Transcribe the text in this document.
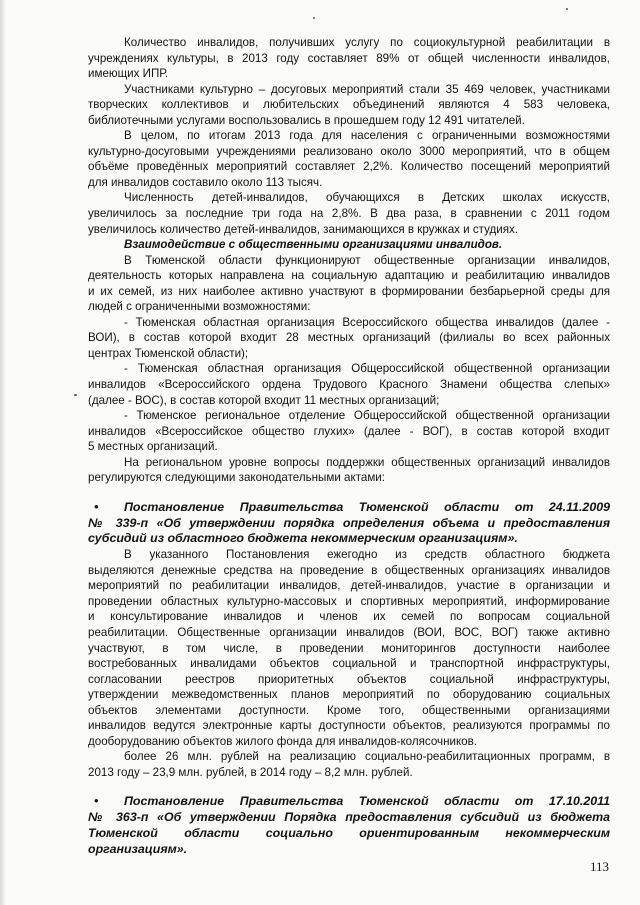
Количество инвалидов, получивших услугу по социокультурной реабилитации в
учреждениях культуры, в 2013 году составляет 89% от общей численности инвалидов,
имеющих ИПР.
Участниками культурно – досуговых мероприятий стали 35 469 человек, участниками
творческих коллективов и любительских объединений являются 4 583 человека,
библиотечными услугами воспользовались в прошедшем году 12 491 читателей.
В целом, по итогам 2013 года для населения с ограниченными возможностями
культурно-досуговыми учреждениями реализовано около 3000 мероприятий, что в общем
объёме проведённых мероприятий составляет 2,2%. Количество посещений мероприятий
для инвалидов составило около 113 тысяч.
Численность детей-инвалидов, обучающихся в Детских школах искусств,
увеличилось за последние три года на 2,8%. В два раза, в сравнении с 2011 годом
увеличилось количество детей-инвалидов, занимающихся в кружках и студиях.
Взаимодействие с общественными организациями инвалидов.
В Тюменской области функционируют общественные организации инвалидов,
деятельность которых направлена на социальную адаптацию и реабилитацию инвалидов
и их семей, из них наиболее активно участвуют в формировании безбарьерной среды для
людей с ограниченными возможностями:
- Тюменская областная организация Всероссийского общества инвалидов (далее -
ВОИ), в состав которой входит 28 местных организаций (филиалы во всех районных
центрах Тюменской области);
- Тюменская областная организация Общероссийской общественной организации
инвалидов «Всероссийского ордена Трудового Красного Знамени общества слепых»
(далее - ВОС), в состав которой входит 11 местных организаций;
- Тюменское региональное отделение Общероссийской общественной организации
инвалидов «Всероссийское общество глухих» (далее - ВОГ), в состав которой входит
5 местных организаций.
На региональном уровне вопросы поддержки общественных организаций инвалидов
регулируются следующими законодательными актами:
• Постановление Правительства Тюменской области от 24.11.2009
№ 339-п «Об утверждении порядка определения объема и предоставления
субсидий из областного бюджета некоммерческим организациям».
В указанного Постановления ежегодно из средств областного бюджета
выделяются денежные средства на проведение в общественных организациях инвалидов
мероприятий по реабилитации инвалидов, детей-инвалидов, участие в организации и
проведении областных культурно-массовых и спортивных мероприятий, информирование
и консультирование инвалидов и членов их семей по вопросам социальной
реабилитации. Общественные организации инвалидов (ВОИ, ВОС, ВОГ) также активно
участвуют, в том числе, в проведении мониторингов доступности наиболее
востребованных инвалидами объектов социальной и транспортной инфраструктуры,
согласовании реестров приоритетных объектов социальной инфраструктуры,
утверждении межведомственных планов мероприятий по оборудованию социальных
объектов элементами доступности. Кроме того, общественными организациями
инвалидов ведутся электронные карты доступности объектов, реализуются программы по
дооборудованию объектов жилого фонда для инвалидов-колясочников.
более 26 млн. рублей на реализацию социально-реабилитационных программ, в
2013 году – 23,9 млн. рублей, в 2014 году – 8,2 млн. рублей.
• Постановление Правительства Тюменской области от 17.10.2011
№ 363-п «Об утверждении Порядка предоставления субсидий из бюджета
Тюменской области социально ориентированным некоммерческим
организациям».
113
